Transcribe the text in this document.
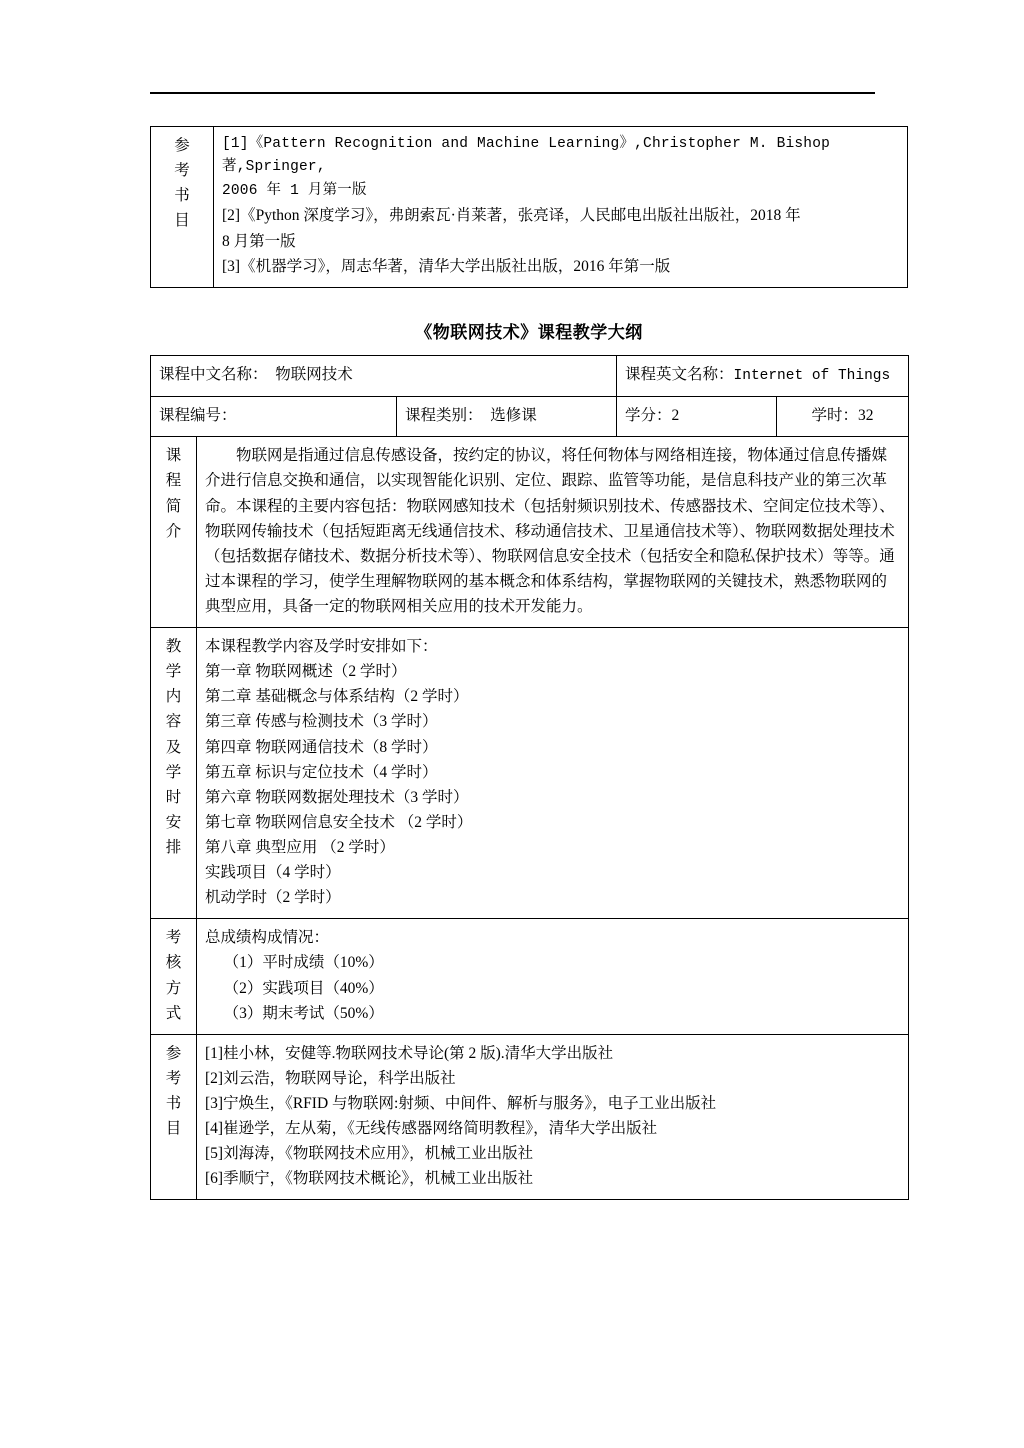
参
考
书
目

[1]《Pattern Recognition and Machine Learning》,Christopher M. Bishop 著,Springer,
2006 年 1 月第一版
[2]《Python 深度学习》，弗朗索瓦·肖莱著，张亮译，人民邮电出版社出版社，2018 年
8 月第一版
[3]《机器学习》，周志华著，清华大学出版社出版，2016 年第一版
《物联网技术》课程教学大纲
课程中文名称： 物联网技术			课程英文名称：Internet of Things	
课程编号：		课程类别： 选修课	学分：2	学时：32

课
程
简
介

物联网是指通过信息传感设备，按约定的协议，将任何物体与网络相连接，物体通过信息传播媒介进行信息交换和通信，以实现智能化识别、定位、跟踪、监管等功能，是信息科技产业的第三次革命。本课程的主要内容包括：物联网感知技术（包括射频识别技术、传感器技术、空间定位技术等）、物联网传输技术（包括短距离无线通信技术、移动通信技术、卫星通信技术等）、物联网数据处理技术（包括数据存储技术、数据分析技术等）、物联网信息安全技术（包括安全和隐私保护技术）等等。通过本课程的学习，使学生理解物联网的基本概念和体系结构，掌握物联网的关键技术，熟悉物联网的典型应用，具备一定的物联网相关应用的技术开发能力。

教
学
内
容
及
学
时
安
排

本课程教学内容及学时安排如下：
第一章 物联网概述（2 学时）
第二章 基础概念与体系结构（2 学时）
第三章 传感与检测技术（3 学时）
第四章 物联网通信技术（8 学时）
第五章 标识与定位技术（4 学时）
第六章 物联网数据处理技术（3 学时）
第七章 物联网信息安全技术 （2 学时）
第八章 典型应用 （2 学时）
实践项目（4 学时）
机动学时（2 学时）

考
核
方
式	总成绩构成情况：
（1）平时成绩（10%）
（2）实践项目（40%）
（3）期末考试（50%）			

参
考
书
目

[1]桂小林，安健等.物联网技术导论(第 2 版).清华大学出版社
[2]刘云浩，物联网导论，科学出版社
[3]宁焕生，《RFID 与物联网:射频、中间件、解析与服务》，电子工业出版社
[4]崔逊学，左从菊，《无线传感器网络简明教程》，清华大学出版社
[5]刘海涛，《物联网技术应用》，机械工业出版社
[6]季顺宁，《物联网技术概论》，机械工业出版社
